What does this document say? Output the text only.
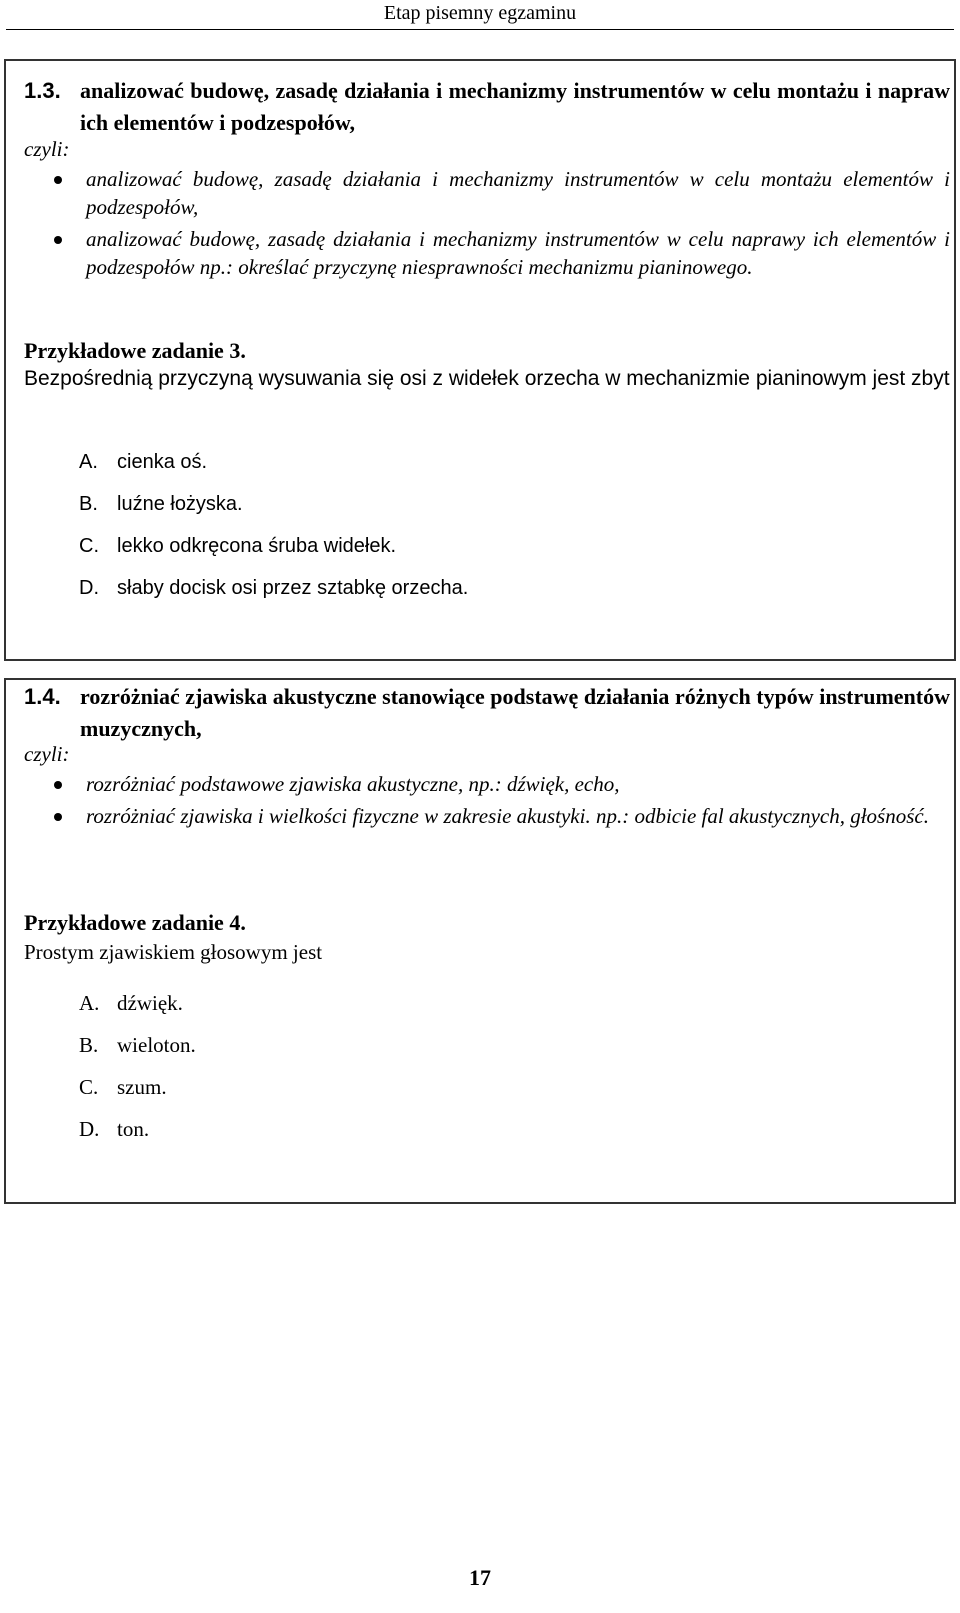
Etap pisemny egzaminu
1.3. analizować budowę, zasadę działania i mechanizmy instrumentów w celu montażu i napraw ich elementów i podzespołów,
czyli:
analizować budowę, zasadę działania i mechanizmy instrumentów w celu montażu elementów i podzespołów,
analizować budowę, zasadę działania i mechanizmy instrumentów w celu naprawy ich elementów i podzespołów np.: określać przyczynę niesprawności mechanizmu pianinowego.
Przykładowe zadanie 3.
Bezpośrednią przyczyną wysuwania się osi z widełek orzecha w mechanizmie pianinowym jest zbyt
A. cienka oś.
B. luźne łożyska.
C. lekko odkręcona śruba widełek.
D. słaby docisk osi przez sztabkę orzecha.
1.4. rozróżniać zjawiska akustyczne stanowiące podstawę działania różnych typów instrumentów muzycznych,
czyli:
rozróżniać podstawowe zjawiska akustyczne, np.: dźwięk, echo,
rozróżniać zjawiska i wielkości fizyczne w zakresie akustyki. np.: odbicie fal akustycznych, głośność.
Przykładowe zadanie 4.
Prostym zjawiskiem głosowym jest
A. dźwięk.
B. wieloton.
C. szum.
D. ton.
17
